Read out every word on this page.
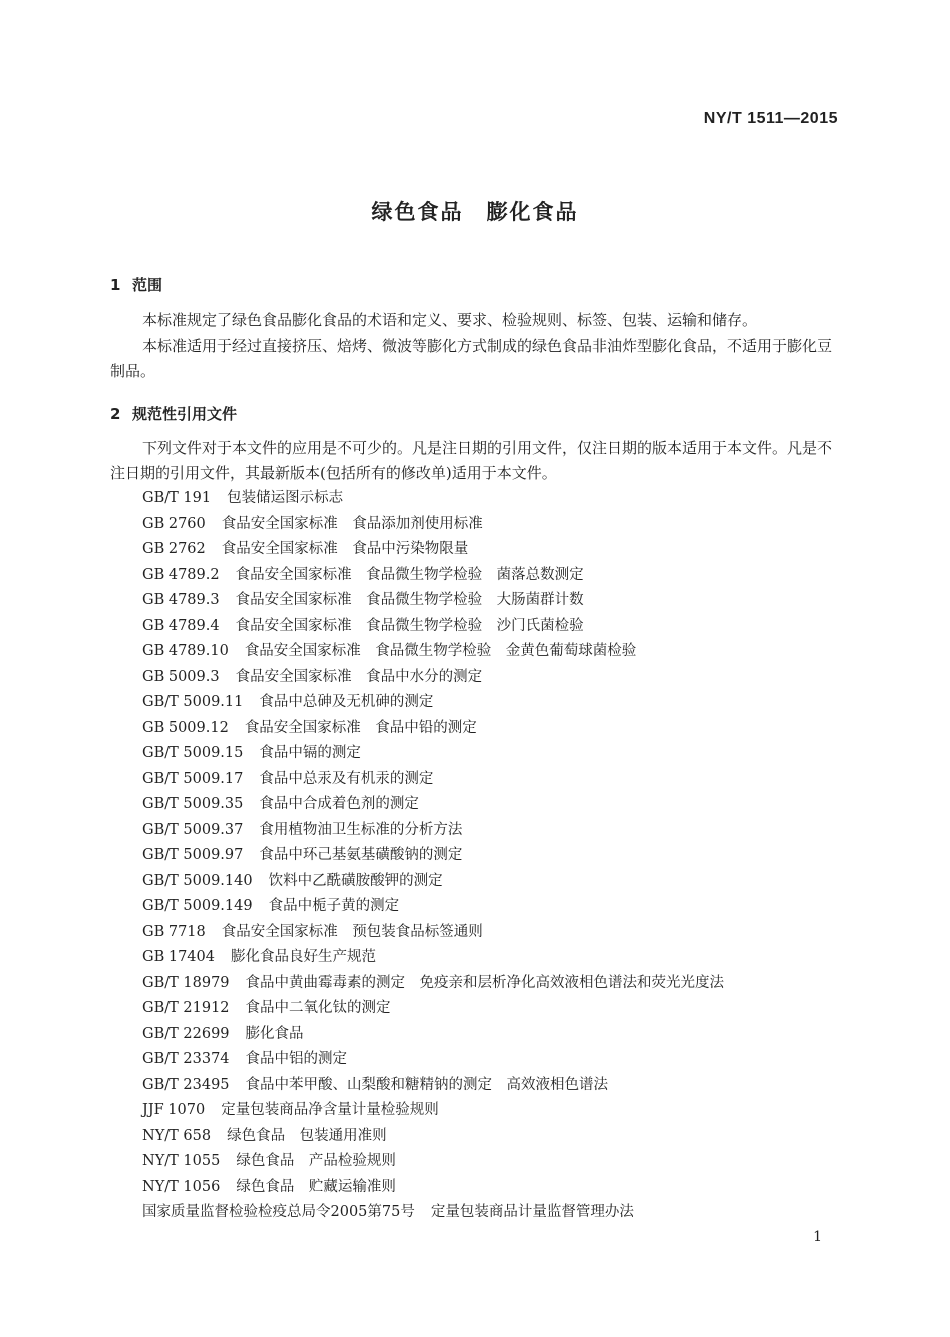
NY/T 1511—2015
绿色食品　膨化食品
1 范围

本标准规定了绿色食品膨化食品的术语和定义、要求、检验规则、标签、包装、运输和储存。

本标准适用于经过直接挤压、焙烤、微波等膨化方式制成的绿色食品非油炸型膨化食品，不适用于膨化豆制品。

2 规范性引用文件

下列文件对于本文件的应用是不可少的。凡是注日期的引用文件，仅注日期的版本适用于本文件。凡是不注日期的引用文件，其最新版本(包括所有的修改单)适用于本文件。

GB/T 191 包装储运图示标志
GB 2760 食品安全国家标准　食品添加剂使用标准
GB 2762 食品安全国家标准　食品中污染物限量
GB 4789.2 食品安全国家标准　食品微生物学检验　菌落总数测定
GB 4789.3 食品安全国家标准　食品微生物学检验　大肠菌群计数
GB 4789.4 食品安全国家标准　食品微生物学检验　沙门氏菌检验
GB 4789.10 食品安全国家标准　食品微生物学检验　金黄色葡萄球菌检验
GB 5009.3 食品安全国家标准　食品中水分的测定
GB/T 5009.11 食品中总砷及无机砷的测定
GB 5009.12 食品安全国家标准　食品中铅的测定
GB/T 5009.15 食品中镉的测定
GB/T 5009.17 食品中总汞及有机汞的测定
GB/T 5009.35 食品中合成着色剂的测定
GB/T 5009.37 食用植物油卫生标准的分析方法
GB/T 5009.97 食品中环己基氨基磺酸钠的测定
GB/T 5009.140 饮料中乙酰磺胺酸钾的测定
GB/T 5009.149 食品中栀子黄的测定
GB 7718 食品安全国家标准　预包装食品标签通则
GB 17404 膨化食品良好生产规范
GB/T 18979 食品中黄曲霉毒素的测定　免疫亲和层析净化高效液相色谱法和荧光光度法
GB/T 21912 食品中二氧化钛的测定
GB/T 22699 膨化食品
GB/T 23374 食品中铝的测定
GB/T 23495 食品中苯甲酸、山梨酸和糖精钠的测定　高效液相色谱法
JJF 1070 定量包装商品净含量计量检验规则
NY/T 658 绿色食品　包装通用准则
NY/T 1055 绿色食品　产品检验规则
NY/T 1056 绿色食品　贮藏运输准则
国家质量监督检验检疫总局令2005第75号 定量包装商品计量监督管理办法
1
